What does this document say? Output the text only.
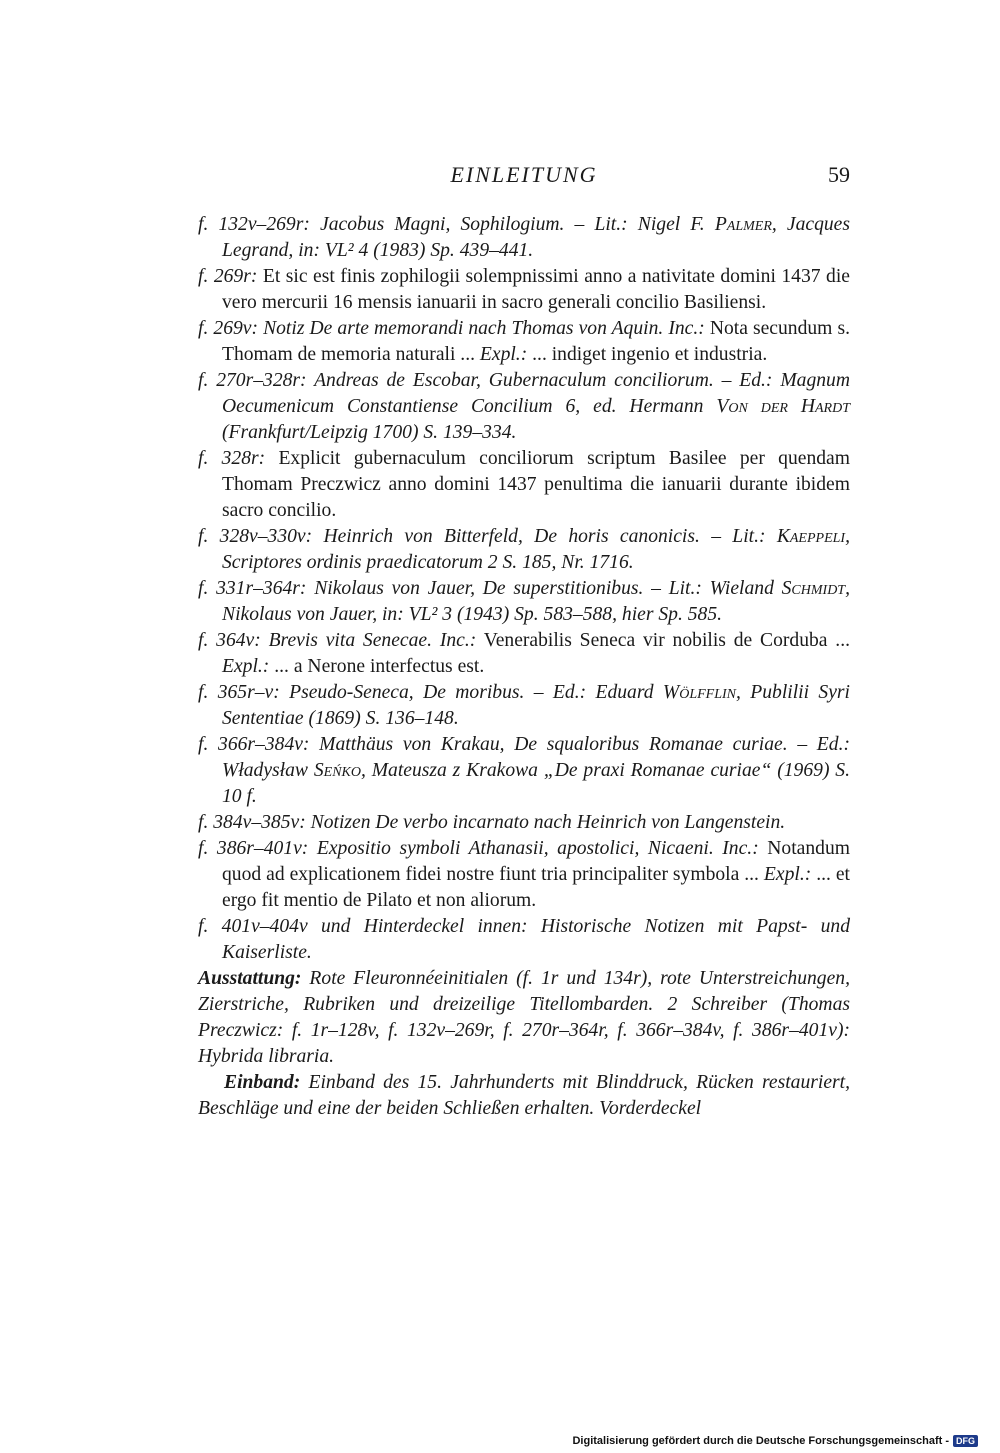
EINLEITUNG	59

f. 132v–269r: Jacobus Magni, Sophilogium. – Lit.: Nigel F. Palmer, Jacques Legrand, in: VL² 4 (1983) Sp. 439–441.

f. 269r: Et sic est finis zophilogii solempnissimi anno a nativitate domini 1437 die vero mercurii 16 mensis ianuarii in sacro generali concilio Basiliensi.

f. 269v: Notiz De arte memorandi nach Thomas von Aquin. Inc.: Nota secundum s. Thomam de memoria naturali ... Expl.: ... indiget ingenio et industria.

f. 270r–328r: Andreas de Escobar, Gubernaculum conciliorum. – Ed.: Magnum Oecumenicum Constantiense Concilium 6, ed. Hermann Von der Hardt (Frankfurt/Leipzig 1700) S. 139–334.

f. 328r: Explicit gubernaculum conciliorum scriptum Basilee per quendam Thomam Preczwicz anno domini 1437 penultima die ianuarii durante ibidem sacro concilio.

f. 328v–330v: Heinrich von Bitterfeld, De horis canonicis. – Lit.: Kaeppeli, Scriptores ordinis praedicatorum 2 S. 185, Nr. 1716.

f. 331r–364r: Nikolaus von Jauer, De superstitionibus. – Lit.: Wieland Schmidt, Nikolaus von Jauer, in: VL² 3 (1943) Sp. 583–588, hier Sp. 585.

f. 364v: Brevis vita Senecae. Inc.: Venerabilis Seneca vir nobilis de Corduba ... Expl.: ... a Nerone interfectus est.

f. 365r–v: Pseudo-Seneca, De moribus. – Ed.: Eduard Wölfflin, Publilii Syri Sententiae (1869) S. 136–148.

f. 366r–384v: Matthäus von Krakau, De squaloribus Romanae curiae. – Ed.: Władysław Seńko, Mateusza z Krakowa „De praxi Romanae curiae“ (1969) S. 10 f.

f. 384v–385v: Notizen De verbo incarnato nach Heinrich von Langenstein.

f. 386r–401v: Expositio symboli Athanasii, apostolici, Nicaeni. Inc.: Notandum quod ad explicationem fidei nostre fiunt tria principaliter symbola ... Expl.: ... et ergo fit mentio de Pilato et non aliorum.

f. 401v–404v und Hinterdeckel innen: Historische Notizen mit Papst- und Kaiserliste.

Ausstattung: Rote Fleuronnéeinitialen (f. 1r und 134r), rote Unterstreichungen, Zierstriche, Rubriken und dreizeilige Titellombarden. 2 Schreiber (Thomas Preczwicz: f. 1r–128v, f. 132v–269r, f. 270r–364r, f. 366r–384v, f. 386r–401v): Hybrida libraria.

Einband: Einband des 15. Jahrhunderts mit Blinddruck, Rücken restauriert, Beschläge und eine der beiden Schließen erhalten. Vorderdeckel

Digitalisierung gefördert durch die Deutsche Forschungsgemeinschaft - DFG
